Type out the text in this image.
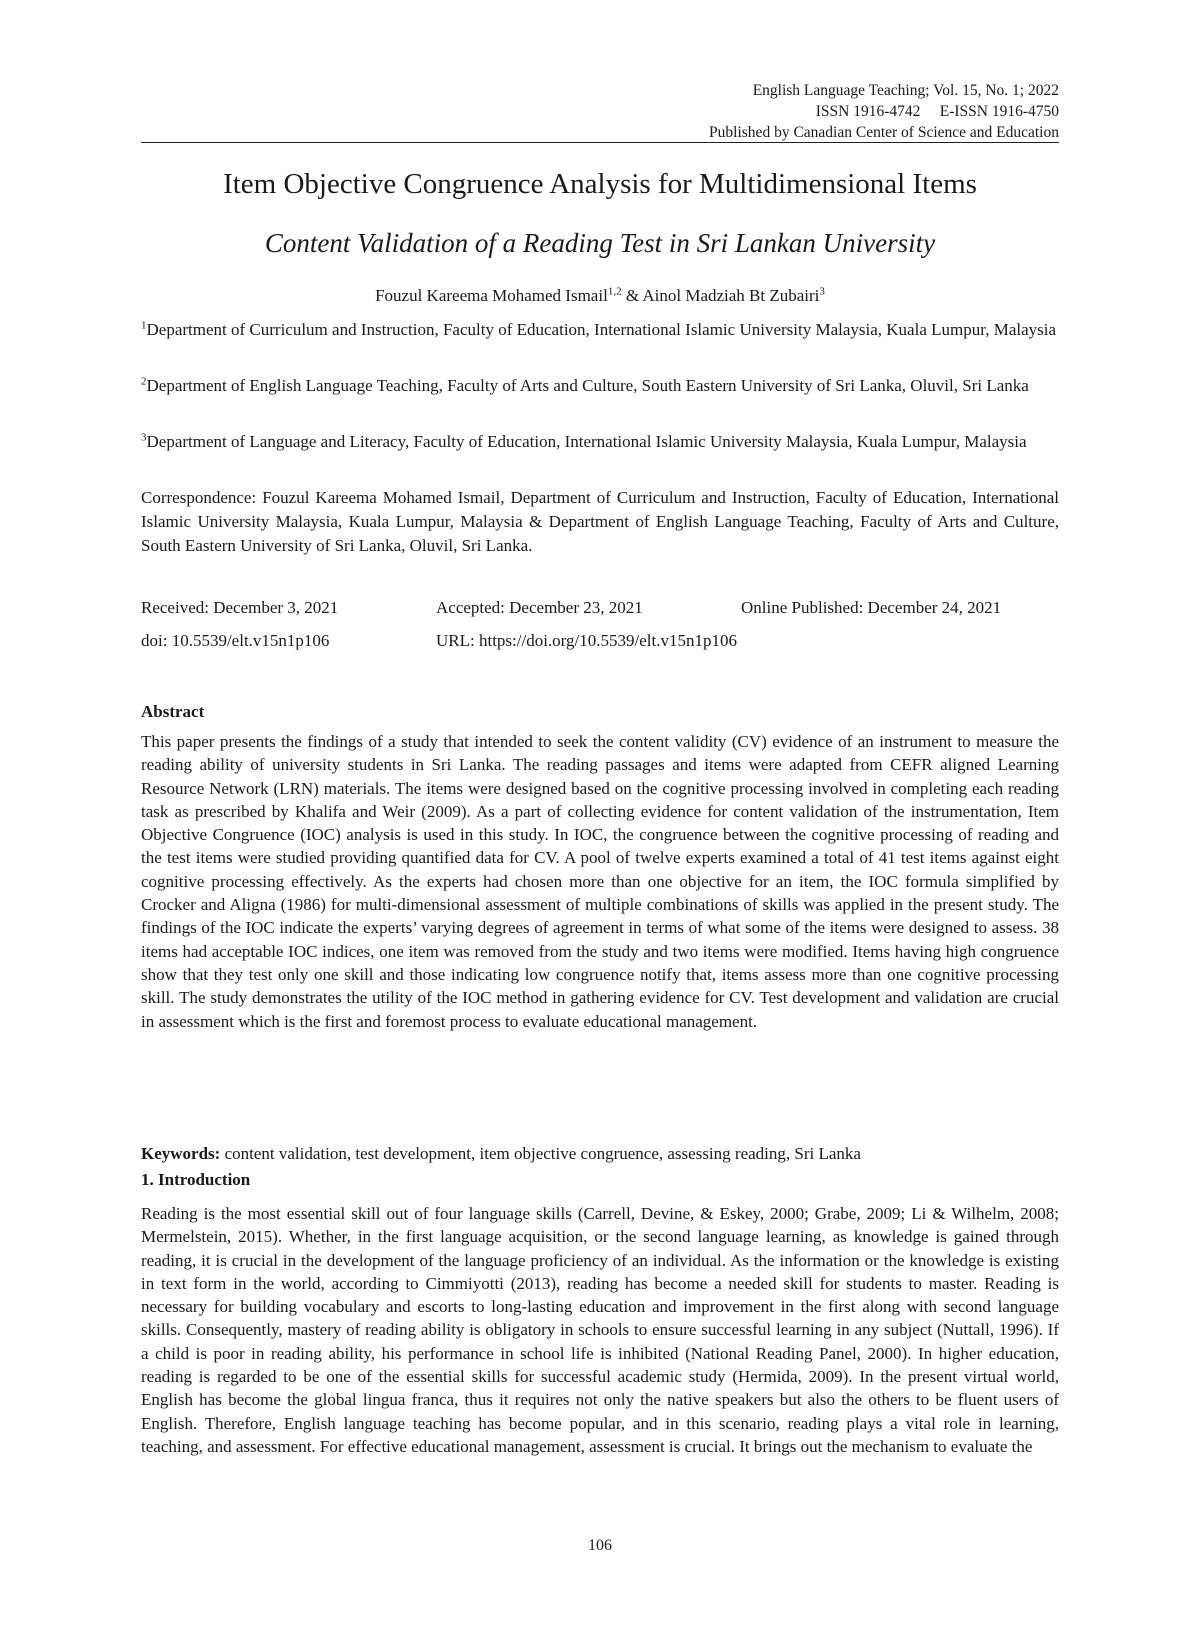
English Language Teaching; Vol. 15, No. 1; 2022
ISSN 1916-4742     E-ISSN 1916-4750
Published by Canadian Center of Science and Education
Item Objective Congruence Analysis for Multidimensional Items
Content Validation of a Reading Test in Sri Lankan University
Fouzul Kareema Mohamed Ismail$^{1,2}$ & Ainol Madziah Bt Zubairi$^3$
$^1$Department of Curriculum and Instruction, Faculty of Education, International Islamic University Malaysia, Kuala Lumpur, Malaysia
$^2$Department of English Language Teaching, Faculty of Arts and Culture, South Eastern University of Sri Lanka, Oluvil, Sri Lanka
$^3$Department of Language and Literacy, Faculty of Education, International Islamic University Malaysia, Kuala Lumpur, Malaysia
Correspondence: Fouzul Kareema Mohamed Ismail, Department of Curriculum and Instruction, Faculty of Education, International Islamic University Malaysia, Kuala Lumpur, Malaysia & Department of English Language Teaching, Faculty of Arts and Culture, South Eastern University of Sri Lanka, Oluvil, Sri Lanka.
Received: December 3, 2021	Accepted: December 23, 2021	Online Published: December 24, 2021
doi: 10.5539/elt.v15n1p106	URL: https://doi.org/10.5539/elt.v15n1p106
Abstract
This paper presents the findings of a study that intended to seek the content validity (CV) evidence of an instrument to measure the reading ability of university students in Sri Lanka. The reading passages and items were adapted from CEFR aligned Learning Resource Network (LRN) materials. The items were designed based on the cognitive processing involved in completing each reading task as prescribed by Khalifa and Weir (2009). As a part of collecting evidence for content validation of the instrumentation, Item Objective Congruence (IOC) analysis is used in this study. In IOC, the congruence between the cognitive processing of reading and the test items were studied providing quantified data for CV. A pool of twelve experts examined a total of 41 test items against eight cognitive processing effectively. As the experts had chosen more than one objective for an item, the IOC formula simplified by Crocker and Aligna (1986) for multi-dimensional assessment of multiple combinations of skills was applied in the present study. The findings of the IOC indicate the experts’ varying degrees of agreement in terms of what some of the items were designed to assess. 38 items had acceptable IOC indices, one item was removed from the study and two items were modified. Items having high congruence show that they test only one skill and those indicating low congruence notify that, items assess more than one cognitive processing skill. The study demonstrates the utility of the IOC method in gathering evidence for CV. Test development and validation are crucial in assessment which is the first and foremost process to evaluate educational management.
Keywords: content validation, test development, item objective congruence, assessing reading, Sri Lanka
1. Introduction
Reading is the most essential skill out of four language skills (Carrell, Devine, & Eskey, 2000; Grabe, 2009; Li & Wilhelm, 2008; Mermelstein, 2015). Whether, in the first language acquisition, or the second language learning, as knowledge is gained through reading, it is crucial in the development of the language proficiency of an individual. As the information or the knowledge is existing in text form in the world, according to Cimmiyotti (2013), reading has become a needed skill for students to master. Reading is necessary for building vocabulary and escorts to long-lasting education and improvement in the first along with second language skills. Consequently, mastery of reading ability is obligatory in schools to ensure successful learning in any subject (Nuttall, 1996). If a child is poor in reading ability, his performance in school life is inhibited (National Reading Panel, 2000). In higher education, reading is regarded to be one of the essential skills for successful academic study (Hermida, 2009). In the present virtual world, English has become the global lingua franca, thus it requires not only the native speakers but also the others to be fluent users of English. Therefore, English language teaching has become popular, and in this scenario, reading plays a vital role in learning, teaching, and assessment. For effective educational management, assessment is crucial. It brings out the mechanism to evaluate the
106
